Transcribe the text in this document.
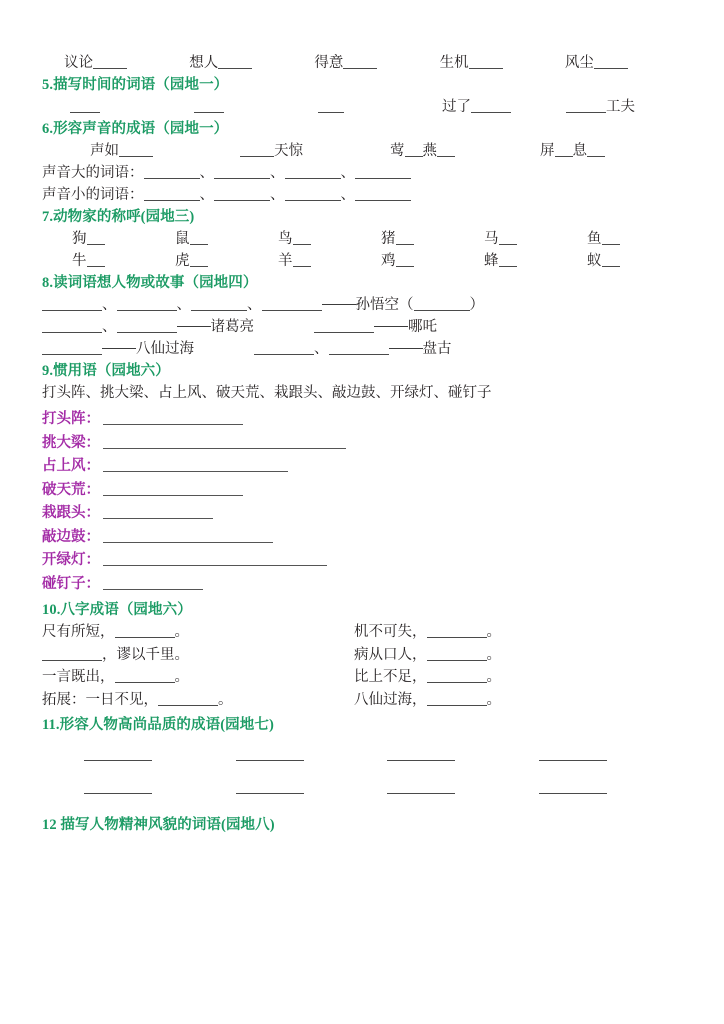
议论	想人	得意	生机	风尘
5.描写时间的词语（园地一）
过了	工夫
6.形容声音的成语（园地一）
声如	天惊	莺 燕	屏 息
声音大的词语：	、	、	、
声音小的词语：	、	、	、
7.动物家的称呼(园地三)
狗	鼠	鸟	猪	马	鱼
牛	虎	羊	鸡	蜂	蚁
8.读词语想人物或故事（园地四）
、	、	、	孙悟空（	）
、	诸葛亮	哪吒
八仙过海	、	盘古
9.惯用语（园地六）
打头阵、挑大梁、占上风、破天荒、栽跟头、敲边鼓、开绿灯、碰钉子
打头阵：
挑大梁：
占上风：
破天荒：
栽跟头：
敲边鼓：
开绿灯：
碰钉子：
10.八字成语（园地六）
尺有所短，	。	机不可失，	。
，谬以千里。	病从口人，	。
一言既出，	。	比上不足，	。
拓展：一日不见，	。	八仙过海，	。
11.形容人物高尚品质的成语(园地七)
12 描写人物精神风貌的词语(园地八)
